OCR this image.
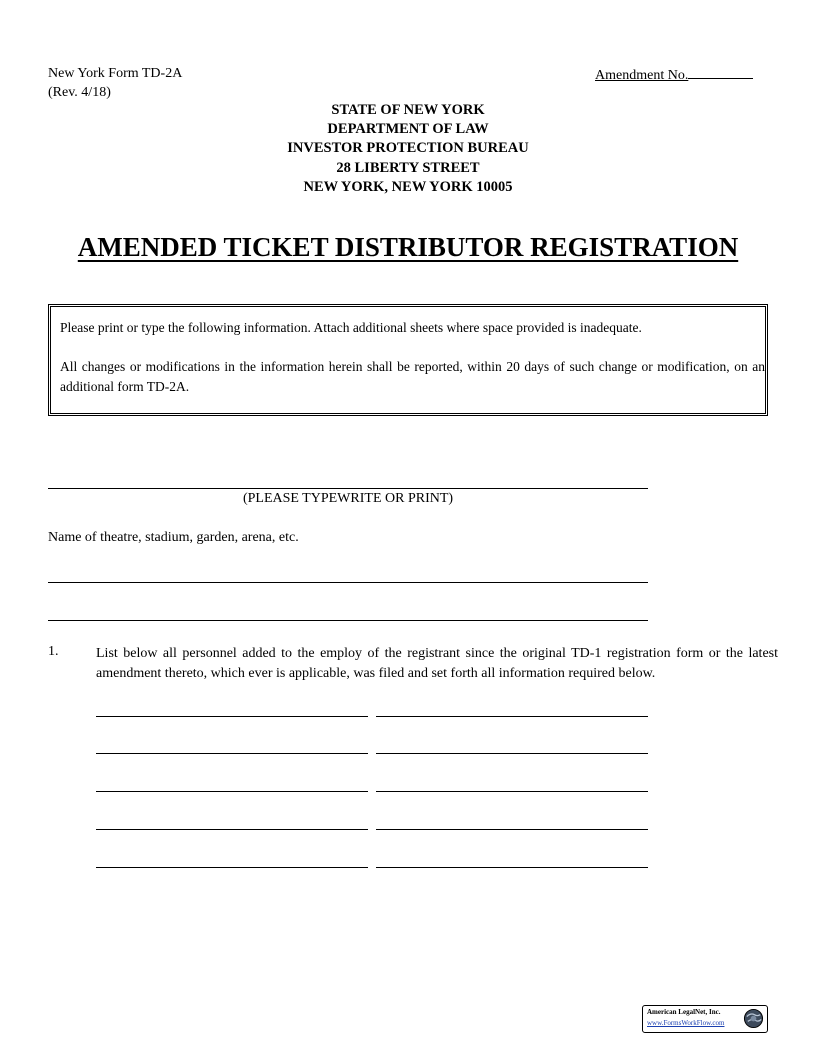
New York Form TD-2A
(Rev. 4/18)
Amendment No.
STATE OF NEW YORK
DEPARTMENT OF LAW
INVESTOR PROTECTION BUREAU
28 LIBERTY STREET
NEW YORK, NEW YORK 10005
AMENDED TICKET DISTRIBUTOR REGISTRATION

Please print or type the following information. Attach additional sheets where space provided is inadequate.

All changes or modifications in the information herein shall be reported, within 20 days of such change or modification, on an additional form TD-2A.

(PLEASE TYPEWRITE OR PRINT)
Name of theatre, stadium, garden, arena, etc.
1.	List below all personnel added to the employ of the registrant since the original TD-1 registration form or the latest amendment thereto, which ever is applicable, was filed and set forth all information required below.
American LegalNet, Inc.
www.FormsWorkFlow.com
